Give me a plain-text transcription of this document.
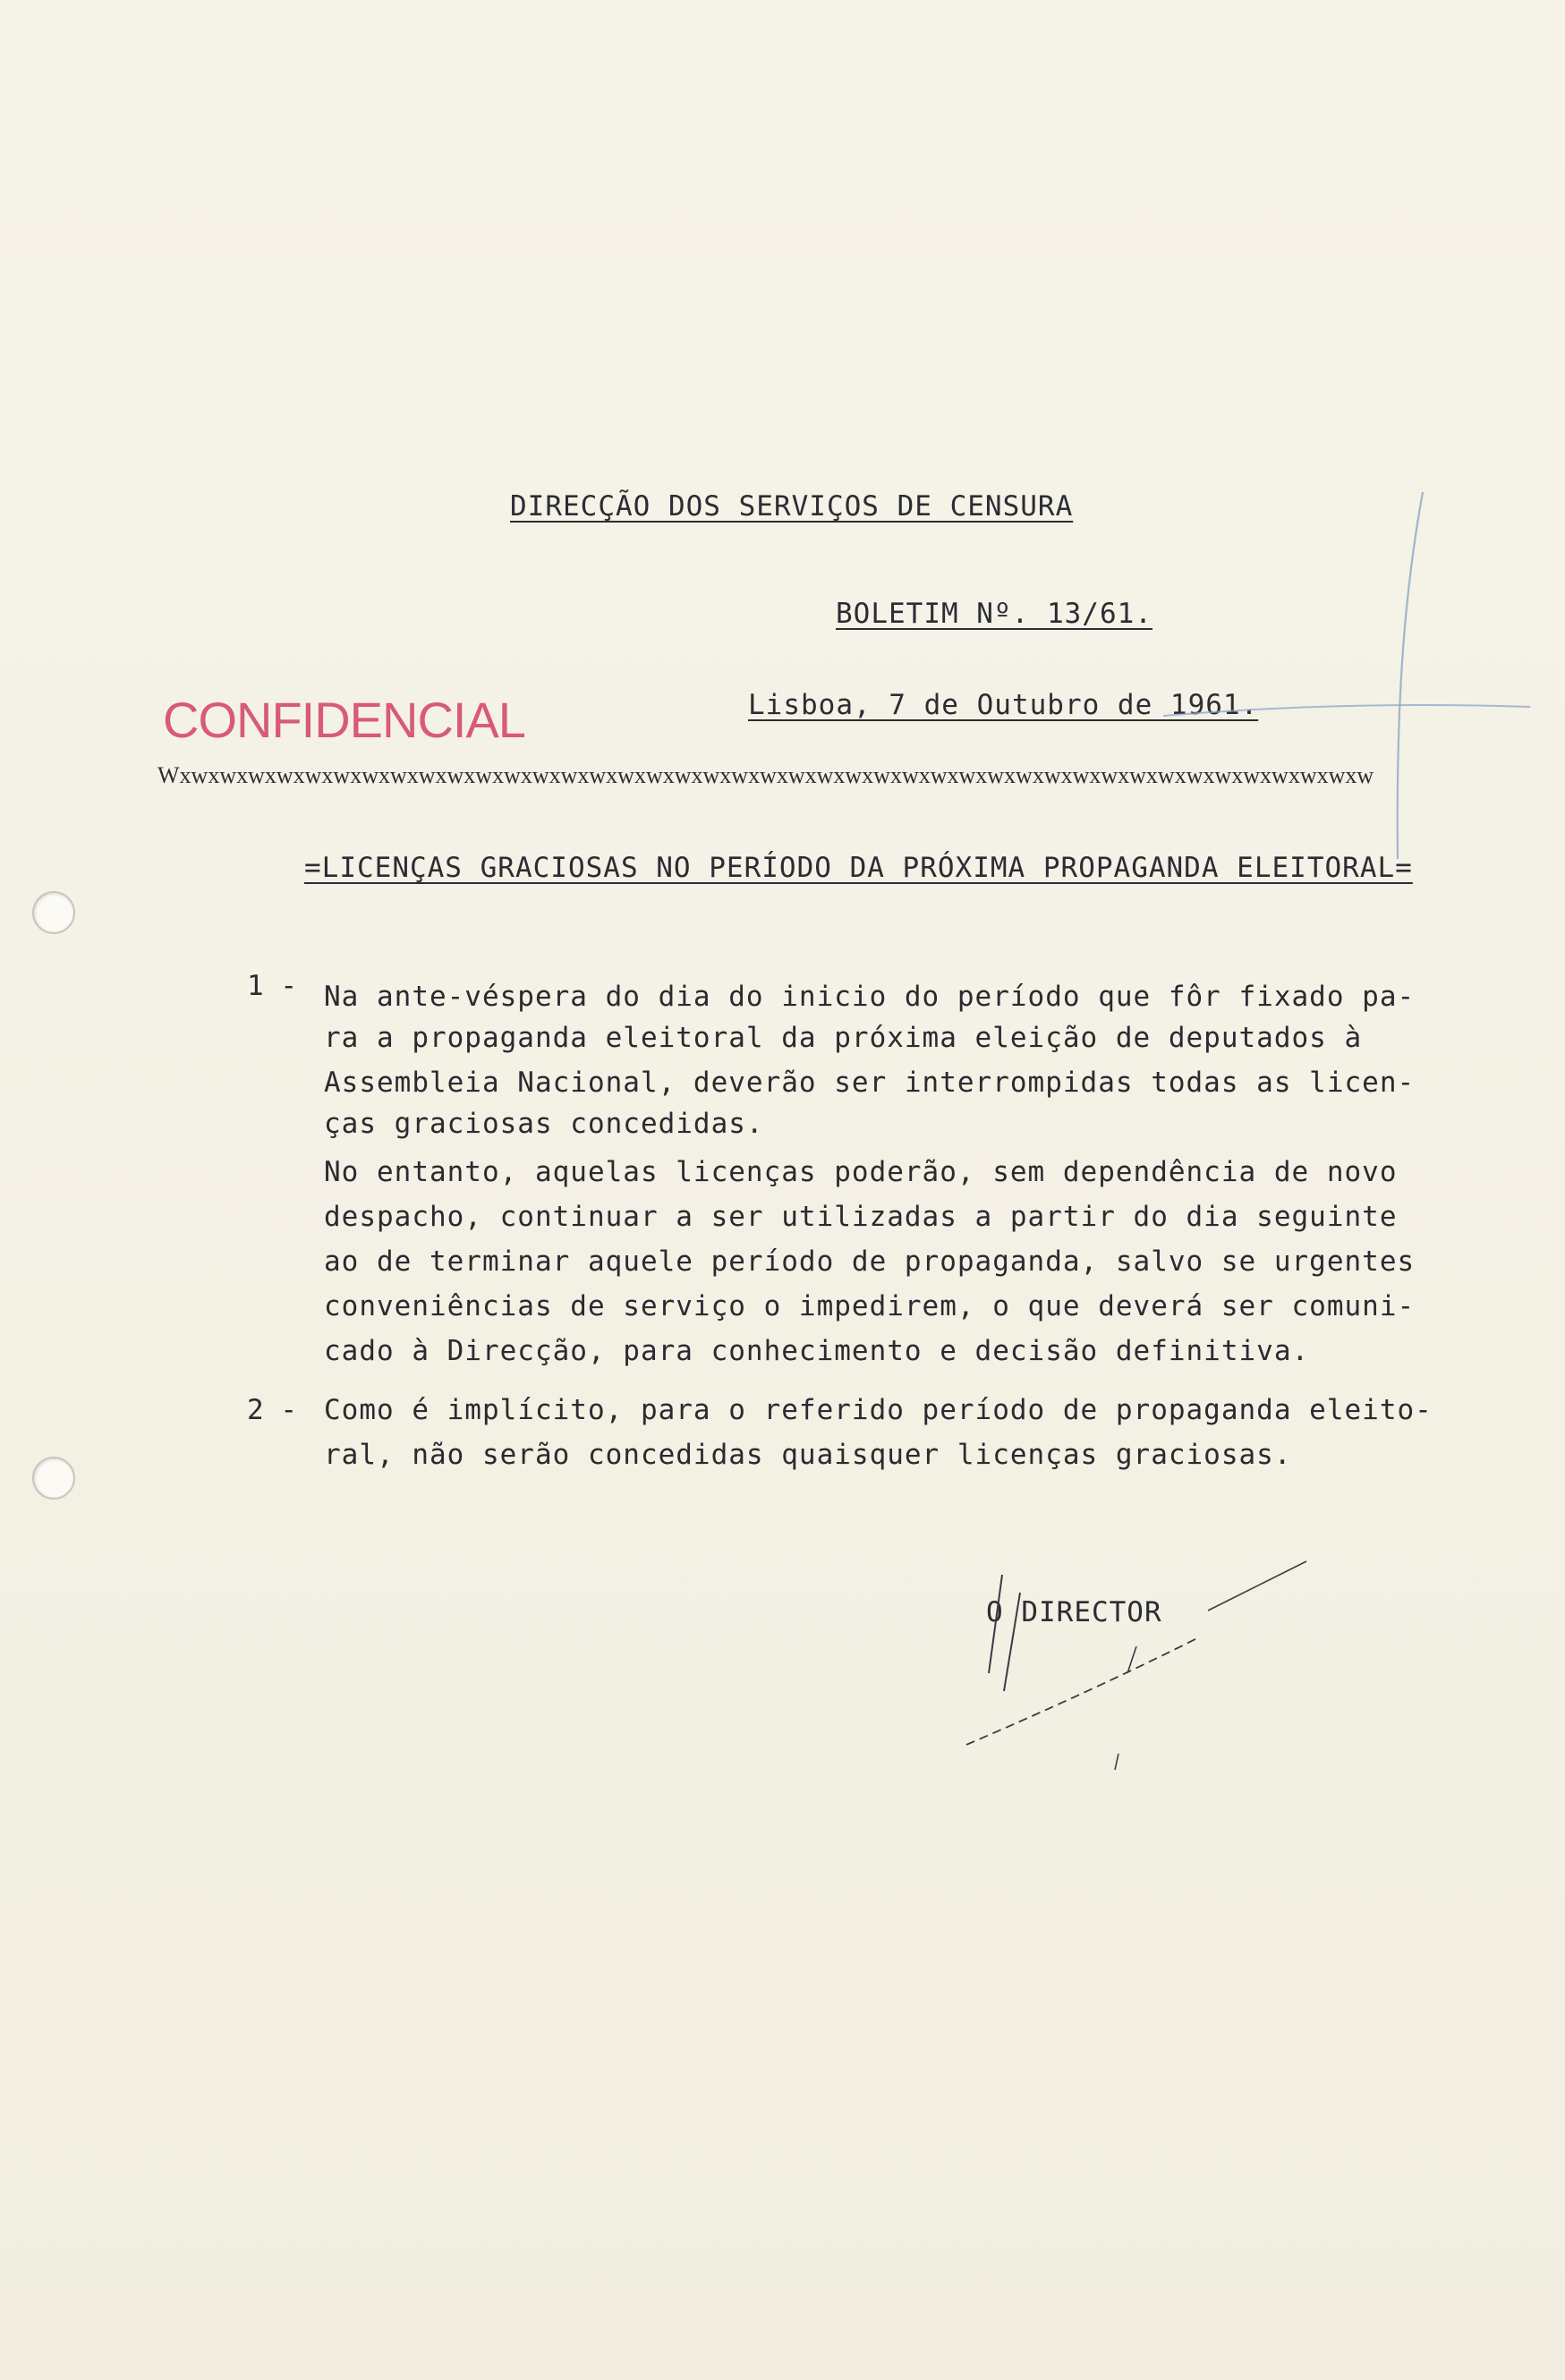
DIRECÇÃO DOS SERVIÇOS DE CENSURA
BOLETIM Nº. 13/61.
Lisboa, 7 de Outubro de 1961.
CONFIDENCIAL
Wxwxwxwxwxwxwxwxwxwxwxwxwxwxwxwxwxwxwxwxwxwxwxwxwxwxwxwxwxwxwxwxwxwxwxwxwxwxwxwxwxwxw
=LICENÇAS GRACIOSAS NO PERÍODO DA PRÓXIMA PROPAGANDA ELEITORAL=
1 - Na ante-véspera do dia do inicio do período que fôr fixado pa-
ra a propaganda eleitoral da próxima eleição de deputados à
Assembleia Nacional, deverão ser interrompidas todas as licen-
ças graciosas concedidas.
No entanto, aquelas licenças poderão, sem dependência de novo
despacho, continuar a ser utilizadas a partir do dia seguinte
ao de terminar aquele período de propaganda, salvo se urgentes
conveniências de serviço o impedirem, o que deverá ser comuni-
cado à Direcção, para conhecimento e decisão definitiva.
2 - Como é implícito, para o referido período de propaganda eleito-
ral, não serão concedidas quaisquer licenças graciosas.
O DIRECTOR
